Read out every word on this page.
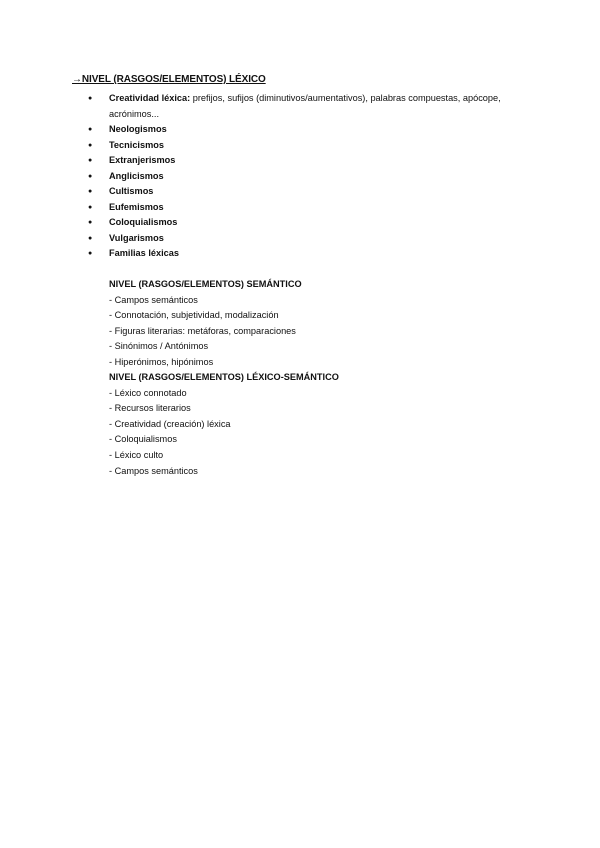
→NIVEL (RASGOS/ELEMENTOS) LÉXICO
● Creatividad léxica: prefijos, sufijos (diminutivos/aumentativos), palabras compuestas, apócope, acrónimos...
● Neologismos
● Tecnicismos
● Extranjerismos
● Anglicismos
● Cultismos
● Eufemismos
● Coloquialismos
● Vulgarismos
● Familias léxicas
NIVEL (RASGOS/ELEMENTOS) SEMÁNTICO
- Campos semánticos
- Connotación, subjetividad, modalización
- Figuras literarias: metáforas, comparaciones
- Sinónimos / Antónimos
- Hiperónimos, hipónimos
NIVEL (RASGOS/ELEMENTOS) LÉXICO-SEMÁNTICO
- Léxico connotado
- Recursos literarios
- Creatividad (creación) léxica
- Coloquialismos
- Léxico culto
- Campos semánticos
